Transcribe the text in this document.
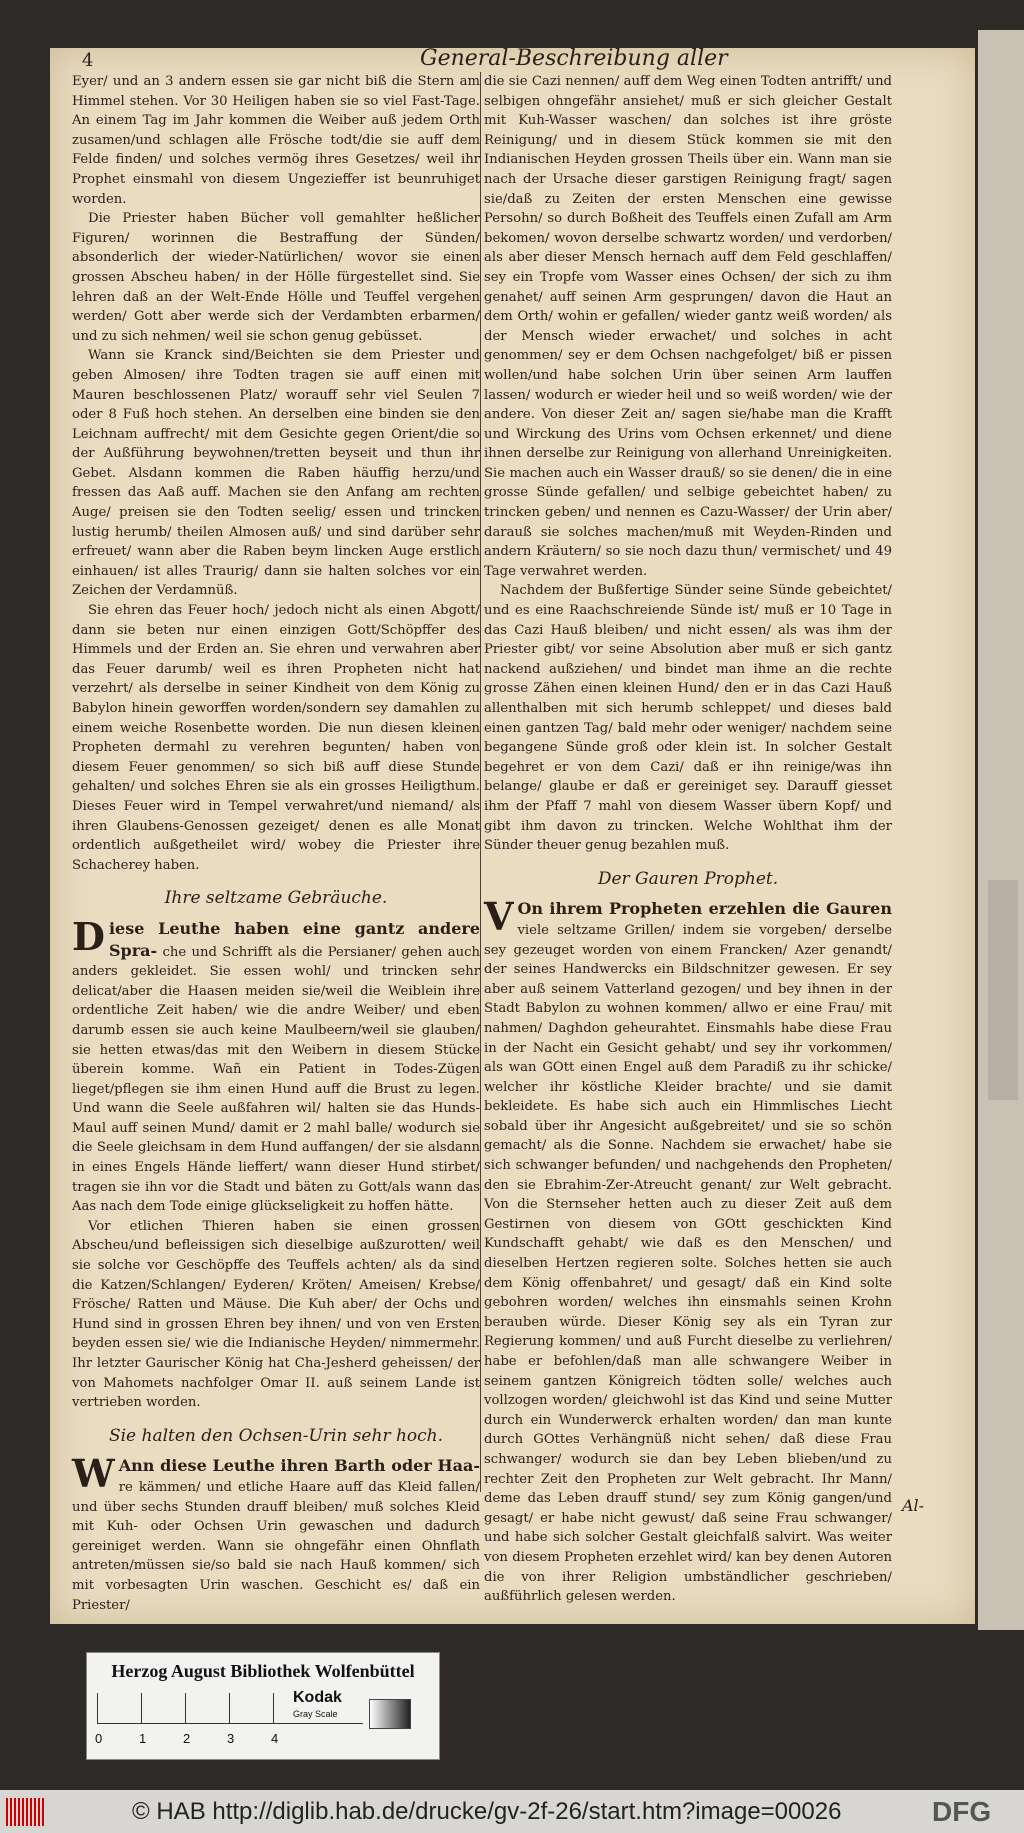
4	General-Beschreibung aller

Eyer/ und an 3 andern essen sie gar nicht biß die Stern am Himmel stehen. Vor 30 Heiligen haben sie so viel Fast-Tage. An einem Tag im Jahr kommen die Weiber auß jedem Orth zusamen/und schlagen alle Frösche todt/die sie auff dem Felde finden/ und solches vermög ihres Gesetzes/ weil ihr Prophet einsmahl von diesem Ungezieffer ist beunruhiget worden.

Die Priester haben Bücher voll gemahlter heßlicher Figuren/ worinnen die Bestraffung der Sünden/ absonderlich der wieder-Natürlichen/ wovor sie einen grossen Abscheu haben/ in der Hölle fürgestellet sind. Sie lehren daß an der Welt-Ende Hölle und Teuffel vergehen werden/ Gott aber werde sich der Verdambten erbarmen/ und zu sich nehmen/ weil sie schon genug gebüsset.

Wann sie Kranck sind/Beichten sie dem Priester und geben Almosen/ ihre Todten tragen sie auff einen mit Mauren beschlossenen Platz/ worauff sehr viel Seulen 7 oder 8 Fuß hoch stehen. An derselben eine binden sie den Leichnam auffrecht/ mit dem Gesichte gegen Orient/die so der Außführung beywohnen/tretten beyseit und thun ihr Gebet. Alsdann kommen die Raben häuffig herzu/und fressen das Aaß auff. Machen sie den Anfang am rechten Auge/ preisen sie den Todten seelig/ essen und trincken lustig herumb/ theilen Almosen auß/ und sind darüber sehr erfreuet/ wann aber die Raben beym lincken Auge erstlich einhauen/ ist alles Traurig/ dann sie halten solches vor ein Zeichen der Verdamnüß.

Sie ehren das Feuer hoch/ jedoch nicht als einen Abgott/ dann sie beten nur einen einzigen Gott/Schöpffer des Himmels und der Erden an. Sie ehren und verwahren aber das Feuer darumb/ weil es ihren Propheten nicht hat verzehrt/ als derselbe in seiner Kindheit von dem König zu Babylon hinein geworffen worden/sondern sey damahlen zu einem weiche Rosenbette worden. Die nun diesen kleinen Propheten dermahl zu verehren begunten/ haben von diesem Feuer genommen/ so sich biß auff diese Stunde gehalten/ und solches Ehren sie als ein grosses Heiligthum. Dieses Feuer wird in Tempel verwahret/und niemand/ als ihren Glaubens-Genossen gezeiget/ denen es alle Monat ordentlich außgetheilet wird/ wobey die Priester ihre Schacherey haben.

Ihre seltzame Gebräuche.

Diese Leuthe haben eine gantz andere Spra- che und Schrifft als die Persianer/ gehen auch anders gekleidet. Sie essen wohl/ und trincken sehr delicat/aber die Haasen meiden sie/weil die Weiblein ihre ordentliche Zeit haben/ wie die andre Weiber/ und eben darumb essen sie auch keine Maulbeern/weil sie glauben/ sie hetten etwas/das mit den Weibern in diesem Stücke überein komme. Wañ ein Patient in Todes-Zügen lieget/pflegen sie ihm einen Hund auff die Brust zu legen. Und wann die Seele außfahren wil/ halten sie das Hunds-Maul auff seinen Mund/ damit er 2 mahl balle/ wodurch sie die Seele gleichsam in dem Hund auffangen/ der sie alsdann in eines Engels Hände lieffert/ wann dieser Hund stirbet/ tragen sie ihn vor die Stadt und bäten zu Gott/als wann das Aas nach dem Tode einige glückseligkeit zu hoffen hätte.

Vor etlichen Thieren haben sie einen grossen Abscheu/und befleissigen sich dieselbige außzurotten/ weil sie solche vor Geschöpffe des Teuffels achten/ als da sind die Katzen/Schlangen/ Eyderen/ Kröten/ Ameisen/ Krebse/ Frösche/ Ratten und Mäuse. Die Kuh aber/ der Ochs und Hund sind in grossen Ehren bey ihnen/ und von ven Ersten beyden essen sie/ wie die Indianische Heyden/ nimmermehr. Ihr letzter Gaurischer König hat Cha-Jesherd geheissen/ der von Mahomets nachfolger Omar II. auß seinem Lande ist vertrieben worden.

Sie halten den Ochsen-Urin sehr hoch.

W Ann diese Leuthe ihren Barth oder Haa- re kämmen/ und etliche Haare auff das Kleid fallen/ und über sechs Stunden drauff bleiben/ muß solches Kleid mit Kuh- oder Ochsen Urin gewaschen und dadurch gereiniget werden. Wann sie ohngefähr einen Ohnflath antreten/müssen sie/so bald sie nach Hauß kommen/ sich mit vorbesagten Urin waschen. Geschicht es/ daß ein Priester/

die sie Cazi nennen/ auff dem Weg einen Todten antrifft/ und selbigen ohngefähr ansiehet/ muß er sich gleicher Gestalt mit Kuh-Wasser waschen/ dan solches ist ihre gröste Reinigung/ und in diesem Stück kommen sie mit den Indianischen Heyden grossen Theils über ein. Wann man sie nach der Ursache dieser garstigen Reinigung fragt/ sagen sie/daß zu Zeiten der ersten Menschen eine gewisse Persohn/ so durch Boßheit des Teuffels einen Zufall am Arm bekomen/ wovon derselbe schwartz worden/ und verdorben/ als aber dieser Mensch hernach auff dem Feld geschlaffen/ sey ein Tropfe vom Wasser eines Ochsen/ der sich zu ihm genahet/ auff seinen Arm gesprungen/ davon die Haut an dem Orth/ wohin er gefallen/ wieder gantz weiß worden/ als der Mensch wieder erwachet/ und solches in acht genommen/ sey er dem Ochsen nachgefolget/ biß er pissen wollen/und habe solchen Urin über seinen Arm lauffen lassen/ wodurch er wieder heil und so weiß worden/ wie der andere. Von dieser Zeit an/ sagen sie/habe man die Krafft und Wirckung des Urins vom Ochsen erkennet/ und diene ihnen derselbe zur Reinigung von allerhand Unreinigkeiten. Sie machen auch ein Wasser drauß/ so sie denen/ die in eine grosse Sünde gefallen/ und selbige gebeichtet haben/ zu trincken geben/ und nennen es Cazu-Wasser/ der Urin aber/ darauß sie solches machen/muß mit Weyden-Rinden und andern Kräutern/ so sie noch dazu thun/ vermischet/ und 49 Tage verwahret werden.

Nachdem der Bußfertige Sünder seine Sünde gebeichtet/ und es eine Raachschreiende Sünde ist/ muß er 10 Tage in das Cazi Hauß bleiben/ und nicht essen/ als was ihm der Priester gibt/ vor seine Absolution aber muß er sich gantz nackend außziehen/ und bindet man ihme an die rechte grosse Zähen einen kleinen Hund/ den er in das Cazi Hauß allenthalben mit sich herumb schleppet/ und dieses bald einen gantzen Tag/ bald mehr oder weniger/ nachdem seine begangene Sünde groß oder klein ist. In solcher Gestalt begehret er von dem Cazi/ daß er ihn reinige/was ihn belange/ glaube er daß er gereiniget sey. Darauff giesset ihm der Pfaff 7 mahl von diesem Wasser übern Kopf/ und gibt ihm davon zu trincken. Welche Wohlthat ihm der Sünder theuer genug bezahlen muß.

Der Gauren Prophet.

V On ihrem Propheten erzehlen die Gauren viele seltzame Grillen/ indem sie vorgeben/ derselbe sey gezeuget worden von einem Francken/ Azer genandt/ der seines Handwercks ein Bildschnitzer gewesen. Er sey aber auß seinem Vatterland gezogen/ und bey ihnen in der Stadt Babylon zu wohnen kommen/ allwo er eine Frau/ mit nahmen/ Daghdon geheurahtet. Einsmahls habe diese Frau in der Nacht ein Gesicht gehabt/ und sey ihr vorkommen/ als wan GOtt einen Engel auß dem Paradiß zu ihr schicke/ welcher ihr köstliche Kleider brachte/ und sie damit bekleidete. Es habe sich auch ein Himmlisches Liecht sobald über ihr Angesicht außgebreitet/ und sie so schön gemacht/ als die Sonne. Nachdem sie erwachet/ habe sie sich schwanger befunden/ und nachgehends den Propheten/ den sie Ebrahim-Zer-Atreucht genant/ zur Welt gebracht. Von die Sternseher hetten auch zu dieser Zeit auß dem Gestirnen von diesem von GOtt geschickten Kind Kundschafft gehabt/ wie daß es den Menschen/ und dieselben Hertzen regieren solte. Solches hetten sie auch dem König offenbahret/ und gesagt/ daß ein Kind solte gebohren worden/ welches ihn einsmahls seinen Krohn berauben würde. Dieser König sey als ein Tyran zur Regierung kommen/ und auß Furcht dieselbe zu verliehren/ habe er befohlen/daß man alle schwangere Weiber in seinem gantzen Königreich tödten solle/ welches auch vollzogen worden/ gleichwohl ist das Kind und seine Mutter durch ein Wunderwerck erhalten worden/ dan man kunte durch GOttes Verhängnüß nicht sehen/ daß diese Frau schwanger/ wodurch sie dan bey Leben blieben/und zu rechter Zeit den Propheten zur Welt gebracht. Ihr Mann/ deme das Leben drauff stund/ sey zum König gangen/und gesagt/ er habe nicht gewust/ daß seine Frau schwanger/ und habe sich solcher Gestalt gleichfalß salvirt. Was weiter von diesem Propheten erzehlet wird/ kan bey denen Autoren die von ihrer Religion umbständlicher geschrieben/ außführlich gelesen werden.

Al-
Herzog August Bibliothek Wolfenbüttel
0	1	2	3	4
Kodak
Gray Scale
© HAB http://diglib.hab.de/drucke/gv-2f-26/start.htm?image=00026	DFG
